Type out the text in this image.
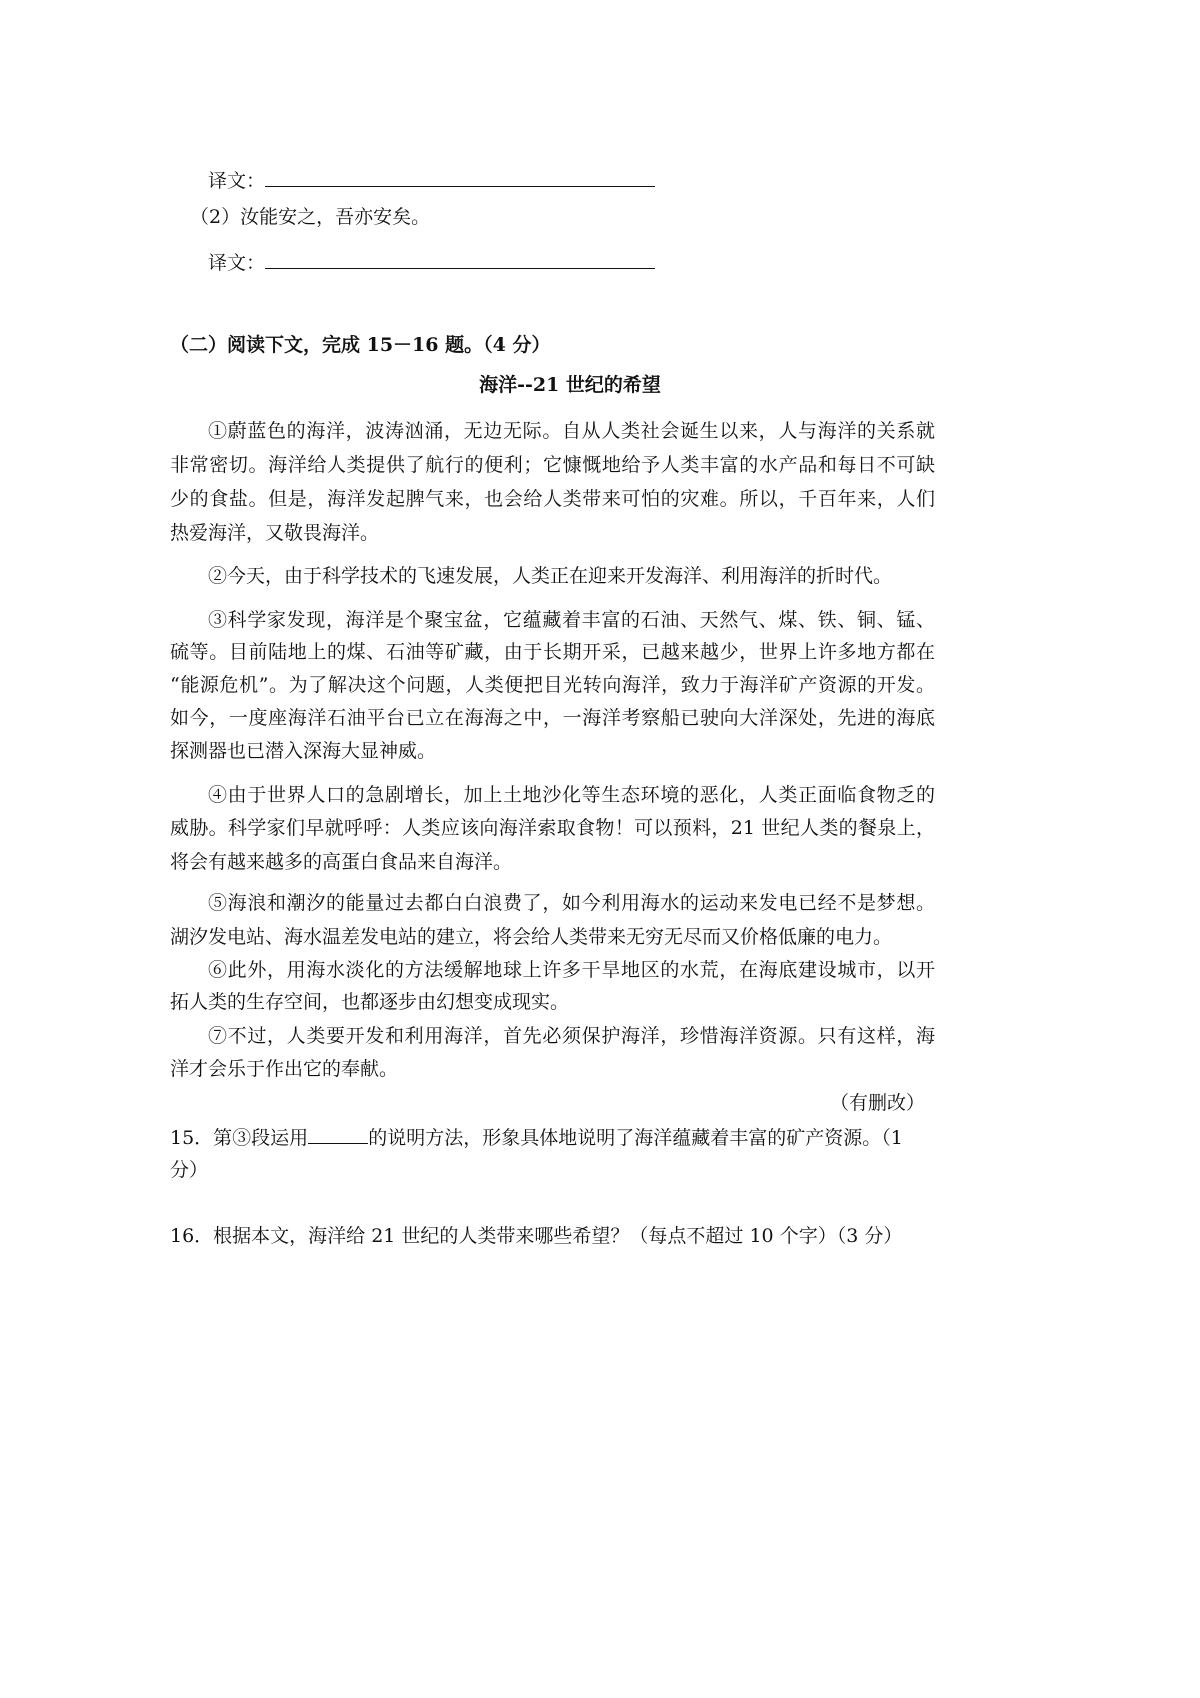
译文：
（2）汝能安之，吾亦安矣。
译文：
（二）阅读下文，完成 15－16 题。（4 分）
海洋--21 世纪的希望
①蔚蓝色的海洋，波涛汹涌，无边无际。自从人类社会诞生以来，人与海洋的关系就
非常密切。海洋给人类提供了航行的便利；它慷慨地给予人类丰富的水产品和每日不可缺
少的食盐。但是，海洋发起脾气来，也会给人类带来可怕的灾难。所以，千百年来，人们
热爱海洋，又敬畏海洋。
②今天，由于科学技术的飞速发展，人类正在迎来开发海洋、利用海洋的折时代。
③科学家发现，海洋是个聚宝盆，它蕴藏着丰富的石油、天然气、煤、铁、铜、锰、
硫等。目前陆地上的煤、石油等矿藏，由于长期开采，已越来越少，世界上许多地方都在
“能源危机”。为了解决这个问题，人类便把目光转向海洋，致力于海洋矿产资源的开发。
如今，一度座海洋石油平台已立在海海之中，一海洋考察船已驶向大洋深处，先进的海底
探测器也已潜入深海大显神威。
④由于世界人口的急剧增长，加上土地沙化等生态环境的恶化，人类正面临食物乏的
威胁。科学家们早就呼呼：人类应该向海洋索取食物！可以预料，21 世纪人类的餐泉上，
将会有越来越多的高蛋白食品来自海洋。
⑤海浪和潮汐的能量过去都白白浪费了，如今利用海水的运动来发电已经不是梦想。
湖汐发电站、海水温差发电站的建立，将会给人类带来无穷无尽而又价格低廉的电力。
⑥此外，用海水淡化的方法缓解地球上许多干旱地区的水荒，在海底建设城市，以开
拓人类的生存空间，也都逐步由幻想变成现实。
⑦不过，人类要开发和利用海洋，首先必须保护海洋，珍惜海洋资源。只有这样，海
洋才会乐于作出它的奉献。
（有删改）
15．第③段运用	的说明方法，形象具体地说明了海洋蕴藏着丰富的矿产资源。（1
分）
16．根据本文，海洋给 21 世纪的人类带来哪些希望？（每点不超过 10 个字）（3 分）
